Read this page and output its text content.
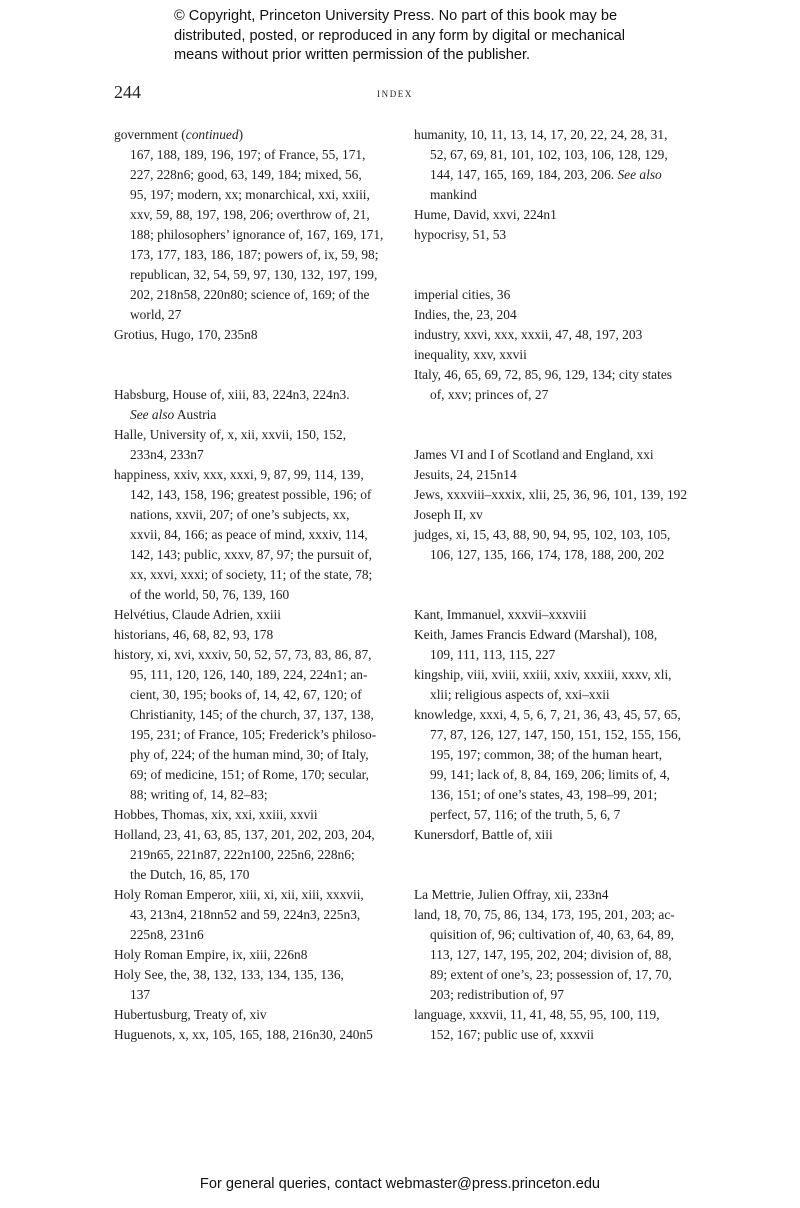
© Copyright, Princeton University Press. No part of this book may be
distributed, posted, or reproduced in any form by digital or mechanical
means without prior written permission of the publisher.
244	index
government (continued)
167, 188, 189, 196, 197; of France, 55, 171,
227, 228n6; good, 63, 149, 184; mixed, 56,
95, 197; modern, xx; monarchical, xxi, xxiii,
xxv, 59, 88, 197, 198, 206; overthrow of, 21,
188; philosophers’ ignorance of, 167, 169, 171,
173, 177, 183, 186, 187; powers of, ix, 59, 98;
republican, 32, 54, 59, 97, 130, 132, 197, 199,
202, 218n58, 220n80; science of, 169; of the
world, 27
Grotius, Hugo, 170, 235n8
Habsburg, House of, xiii, 83, 224n3, 224n3.
See also Austria
Halle, University of, x, xii, xxvii, 150, 152,
233n4, 233n7
happiness, xxiv, xxx, xxxi, 9, 87, 99, 114, 139,
142, 143, 158, 196; greatest possible, 196; of
nations, xxvii, 207; of one’s subjects, xx,
xxvii, 84, 166; as peace of mind, xxxiv, 114,
142, 143; public, xxxv, 87, 97; the pursuit of,
xx, xxvi, xxxi; of society, 11; of the state, 78;
of the world, 50, 76, 139, 160
Helvétius, Claude Adrien, xxiii
historians, 46, 68, 82, 93, 178
history, xi, xvi, xxxiv, 50, 52, 57, 73, 83, 86, 87,
95, 111, 120, 126, 140, 189, 224, 224n1; an-
cient, 30, 195; books of, 14, 42, 67, 120; of
Christianity, 145; of the church, 37, 137, 138,
195, 231; of France, 105; Frederick’s philoso-
phy of, 224; of the human mind, 30; of Italy,
69; of medicine, 151; of Rome, 170; secular,
88; writing of, 14, 82–83;
Hobbes, Thomas, xix, xxi, xxiii, xxvii
Holland, 23, 41, 63, 85, 137, 201, 202, 203, 204,
219n65, 221n87, 222n100, 225n6, 228n6;
the Dutch, 16, 85, 170
Holy Roman Emperor, xiii, xi, xii, xiii, xxxvii,
43, 213n4, 218nn52 and 59, 224n3, 225n3,
225n8, 231n6
Holy Roman Empire, ix, xiii, 226n8
Holy See, the, 38, 132, 133, 134, 135, 136,
137
Hubertusburg, Treaty of, xiv
Huguenots, x, xx, 105, 165, 188, 216n30, 240n5
humanity, 10, 11, 13, 14, 17, 20, 22, 24, 28, 31,
52, 67, 69, 81, 101, 102, 103, 106, 128, 129,
144, 147, 165, 169, 184, 203, 206. See also
mankind
Hume, David, xxvi, 224n1
hypocrisy, 51, 53
imperial cities, 36
Indies, the, 23, 204
industry, xxvi, xxx, xxxii, 47, 48, 197, 203
inequality, xxv, xxvii
Italy, 46, 65, 69, 72, 85, 96, 129, 134; city states
of, xxv; princes of, 27
James VI and I of Scotland and England, xxi
Jesuits, 24, 215n14
Jews, xxxviii–xxxix, xlii, 25, 36, 96, 101, 139, 192
Joseph II, xv
judges, xi, 15, 43, 88, 90, 94, 95, 102, 103, 105,
106, 127, 135, 166, 174, 178, 188, 200, 202
Kant, Immanuel, xxxvii–xxxviii
Keith, James Francis Edward (Marshal), 108,
109, 111, 113, 115, 227
kingship, viii, xviii, xxiii, xxiv, xxxiii, xxxv, xli,
xlii; religious aspects of, xxi–xxii
knowledge, xxxi, 4, 5, 6, 7, 21, 36, 43, 45, 57, 65,
77, 87, 126, 127, 147, 150, 151, 152, 155, 156,
195, 197; common, 38; of the human heart,
99, 141; lack of, 8, 84, 169, 206; limits of, 4,
136, 151; of one’s states, 43, 198–99, 201;
perfect, 57, 116; of the truth, 5, 6, 7
Kunersdorf, Battle of, xiii
La Mettrie, Julien Offray, xii, 233n4
land, 18, 70, 75, 86, 134, 173, 195, 201, 203; ac-
quisition of, 96; cultivation of, 40, 63, 64, 89,
113, 127, 147, 195, 202, 204; division of, 88,
89; extent of one’s, 23; possession of, 17, 70,
203; redistribution of, 97
language, xxxvii, 11, 41, 48, 55, 95, 100, 119,
152, 167; public use of, xxxvii
For general queries, contact webmaster@press.princeton.edu
